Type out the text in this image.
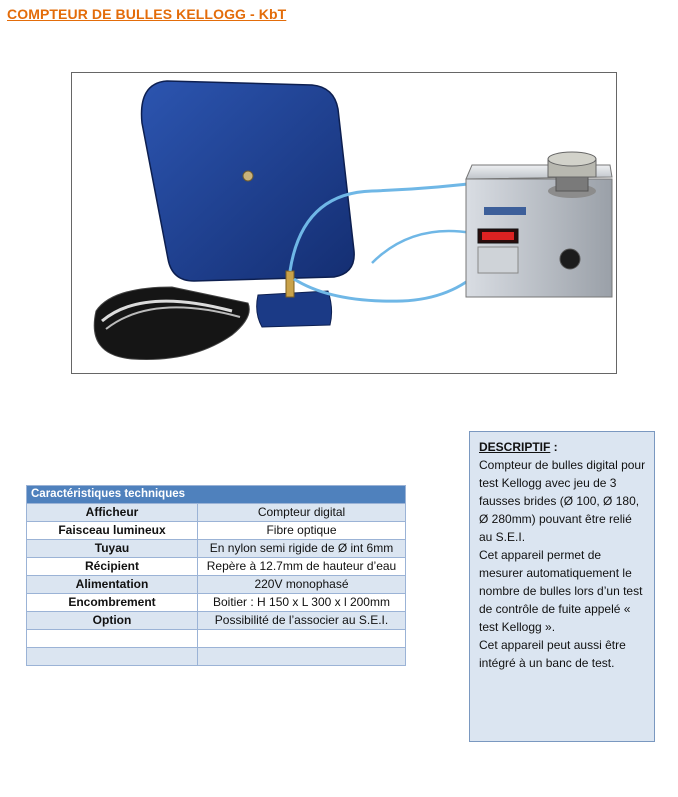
COMPTEUR DE BULLES KELLOGG - KbT
Caractéristiques techniques	
Afficheur	Compteur digital
Faisceau lumineux	Fibre optique
Tuyau	En nylon semi rigide de Ø int 6mm
Récipient	Repère à 12.7mm de hauteur d’eau
Alimentation	220V monophasé
Encombrement	Boitier : H 150 x L 300 x l 200mm
Option	Possibilité de l’associer au S.E.I.

DESCRIPTIF :

Compteur de bulles digital pour test Kellogg avec jeu de 3 fausses brides (Ø 100, Ø 180, Ø 280mm) pouvant être relié au S.E.I.

Cet appareil permet de mesurer automatiquement le nombre de bulles lors d’un test de contrôle de fuite appelé « test Kellogg ».

Cet appareil peut aussi être intégré à un banc de test.
